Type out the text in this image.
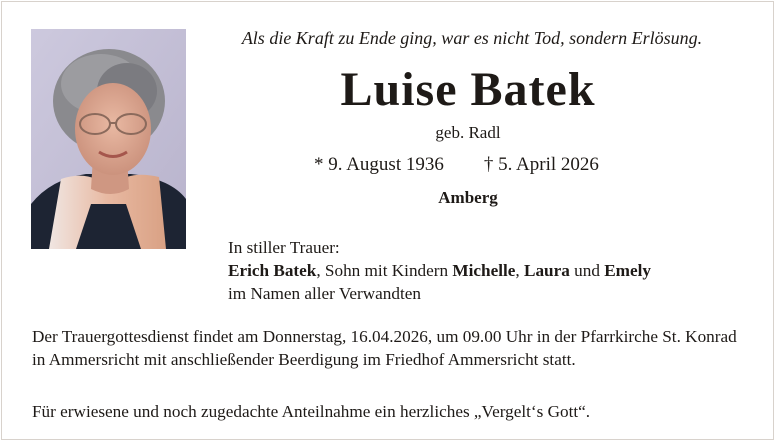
Als die Kraft zu Ende ging, war es nicht Tod, sondern Erlösung.
Luise Batek
geb. Radl
* 9. August 1936 † 5. April 2026
Amberg
In stiller Trauer:
Erich Batek, Sohn mit Kindern Michelle, Laura und Emely
im Namen aller Verwandten
Der Trauergottesdienst findet am Donnerstag, 16.04.2026, um 09.00 Uhr in der Pfarrkirche St. Konrad in Ammersricht mit anschließender Beerdigung im Friedhof Ammersricht statt.
Für erwiesene und noch zugedachte Anteilnahme ein herzliches „Vergelt‘s Gott“.
